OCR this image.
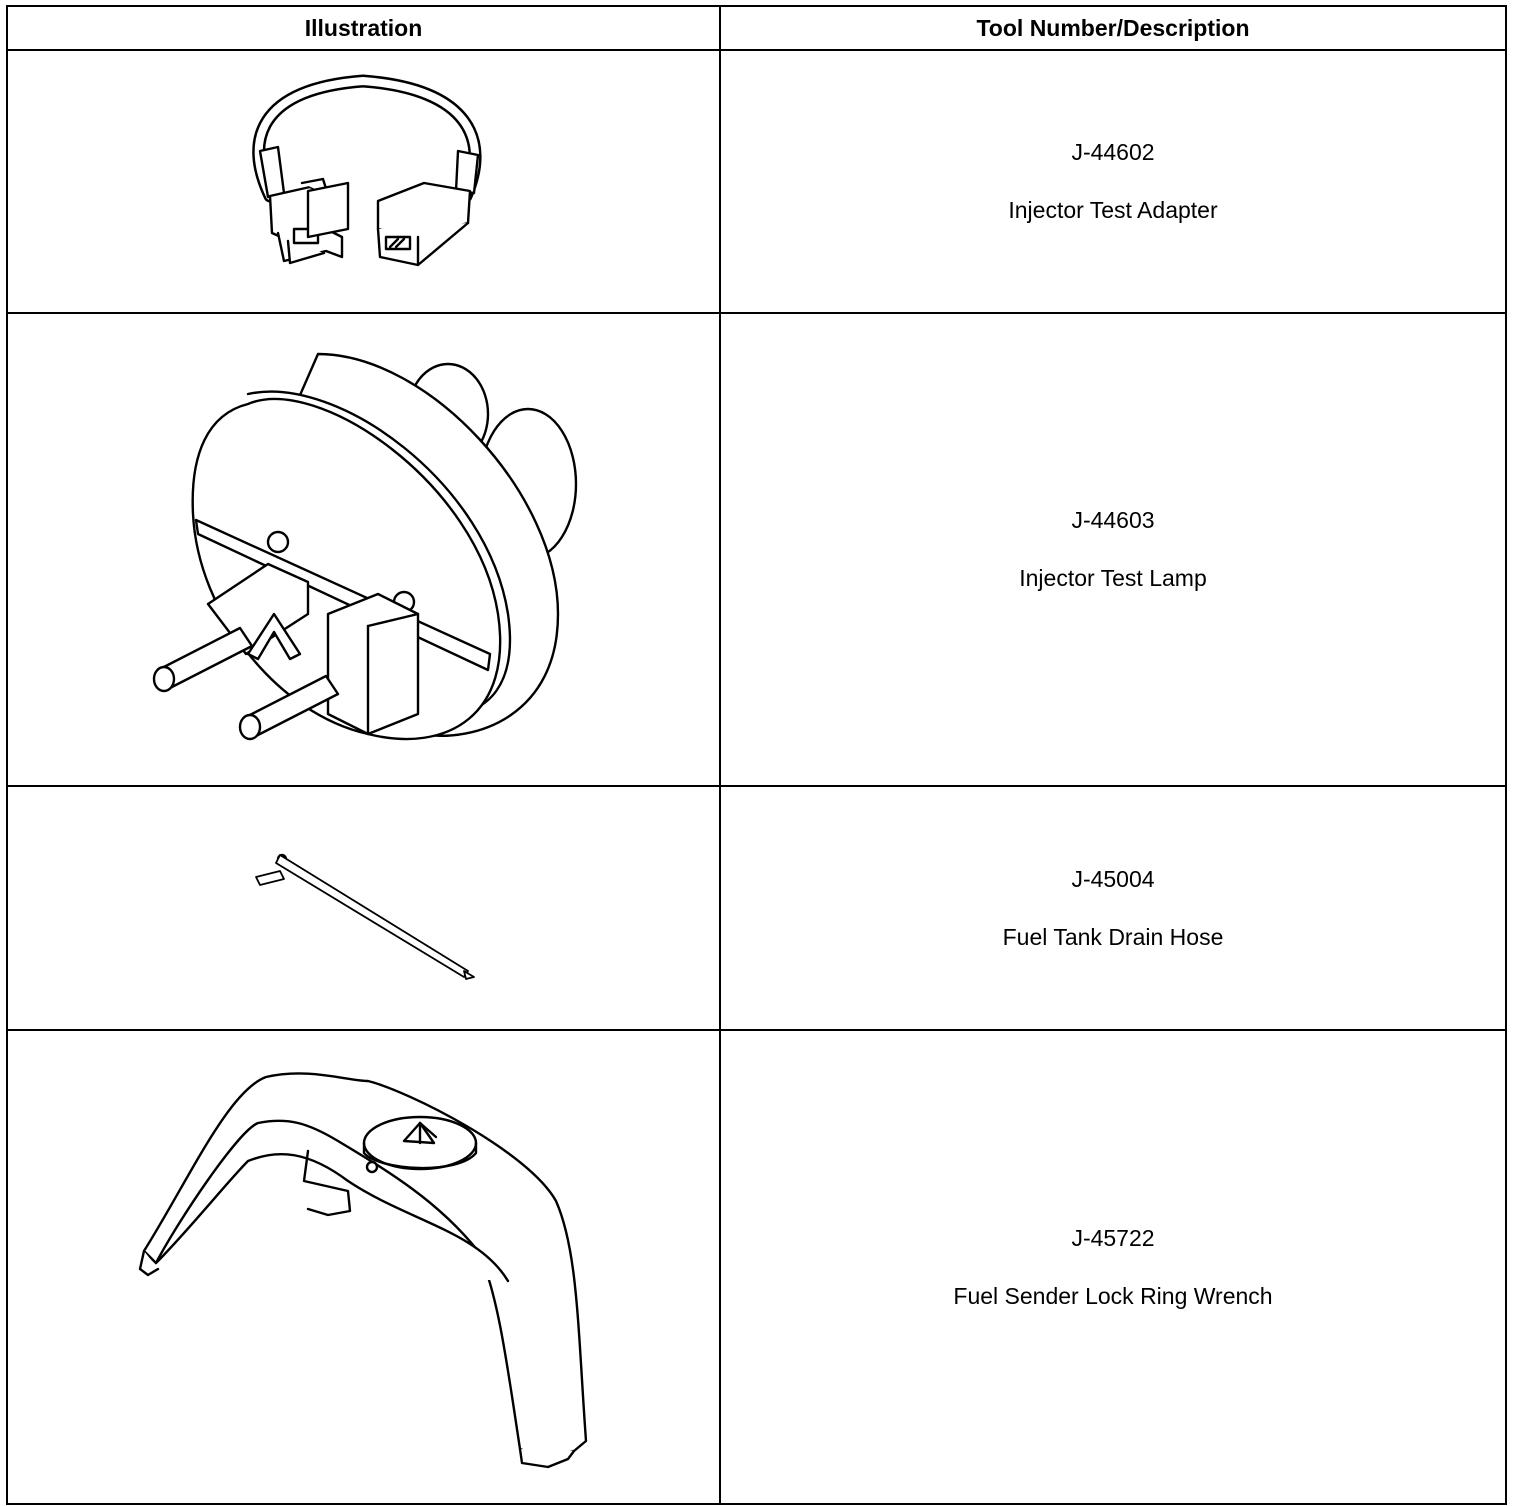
Illustration	Tool Number/Description

J-44602
Injector Test Adapter

J-44603
Injector Test Lamp

J-45004
Fuel Tank Drain Hose

J-45722
Fuel Sender Lock Ring Wrench
